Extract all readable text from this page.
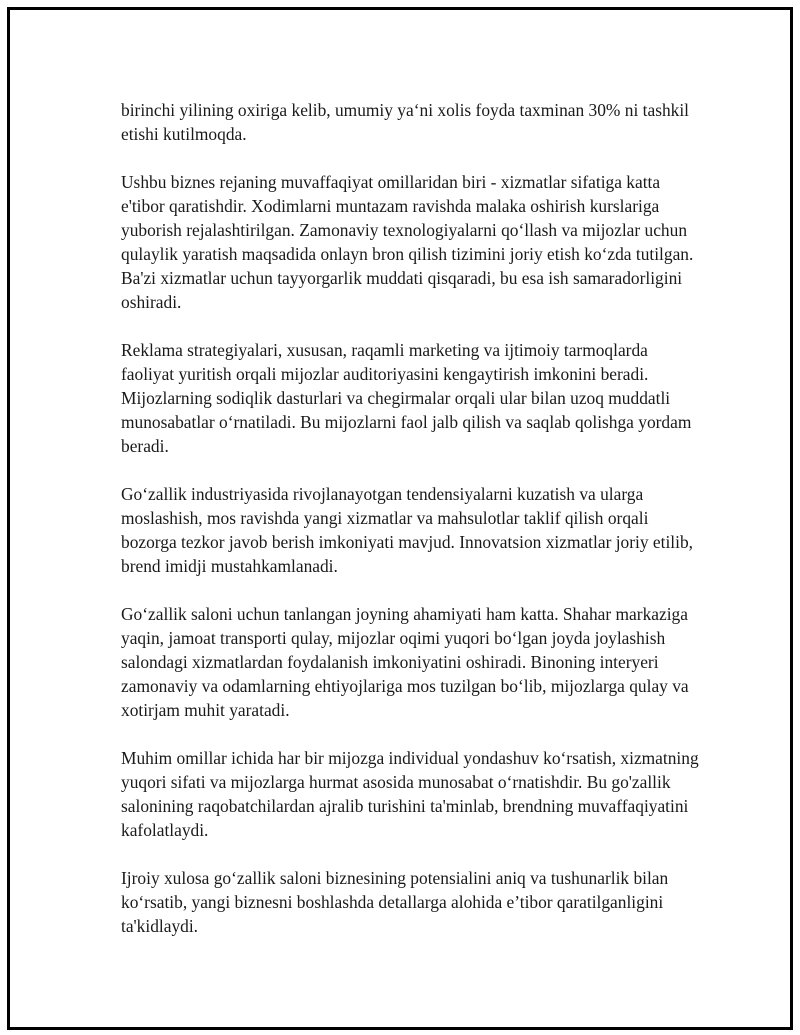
birinchi yilining oxiriga kelib, umumiy ya‘ni xolis foyda taxminan 30% ni tashkil etishi kutilmoqda.

Ushbu biznes rejaning muvaffaqiyat omillaridan biri - xizmatlar sifatiga katta e'tibor qaratishdir. Xodimlarni muntazam ravishda malaka oshirish kurslariga yuborish rejalashtirilgan. Zamonaviy texnologiyalarni qo‘llash va mijozlar uchun qulaylik yaratish maqsadida onlayn bron qilish tizimini joriy etish ko‘zda tutilgan. Ba'zi xizmatlar uchun tayyorgarlik muddati qisqaradi, bu esa ish samaradorligini oshiradi.

Reklama strategiyalari, xususan, raqamli marketing va ijtimoiy tarmoqlarda faoliyat yuritish orqali mijozlar auditoriyasini kengaytirish imkonini beradi. Mijozlarning sodiqlik dasturlari va chegirmalar orqali ular bilan uzoq muddatli munosabatlar o‘rnatiladi. Bu mijozlarni faol jalb qilish va saqlab qolishga yordam beradi.

Go‘zallik industriyasida rivojlanayotgan tendensiyalarni kuzatish va ularga moslashish, mos ravishda yangi xizmatlar va mahsulotlar taklif qilish orqali bozorga tezkor javob berish imkoniyati mavjud. Innovatsion xizmatlar joriy etilib, brend imidji mustahkamlanadi.

Go‘zallik saloni uchun tanlangan joyning ahamiyati ham katta. Shahar markaziga yaqin, jamoat transporti qulay, mijozlar oqimi yuqori bo‘lgan joyda joylashish salondagi xizmatlardan foydalanish imkoniyatini oshiradi. Binoning interyeri zamonaviy va odamlarning ehtiyojlariga mos tuzilgan bo‘lib, mijozlarga qulay va xotirjam muhit yaratadi.

Muhim omillar ichida har bir mijozga individual yondashuv ko‘rsatish, xizmatning yuqori sifati va mijozlarga hurmat asosida munosabat o‘rnatishdir. Bu go'zallik salonining raqobatchilardan ajralib turishini ta'minlab, brendning muvaffaqiyatini kafolatlaydi.

Ijroiy xulosa go‘zallik saloni biznesining potensialini aniq va tushunarlik bilan ko‘rsatib, yangi biznesni boshlashda detallarga alohida e’tibor qaratilganligini ta'kidlaydi.
